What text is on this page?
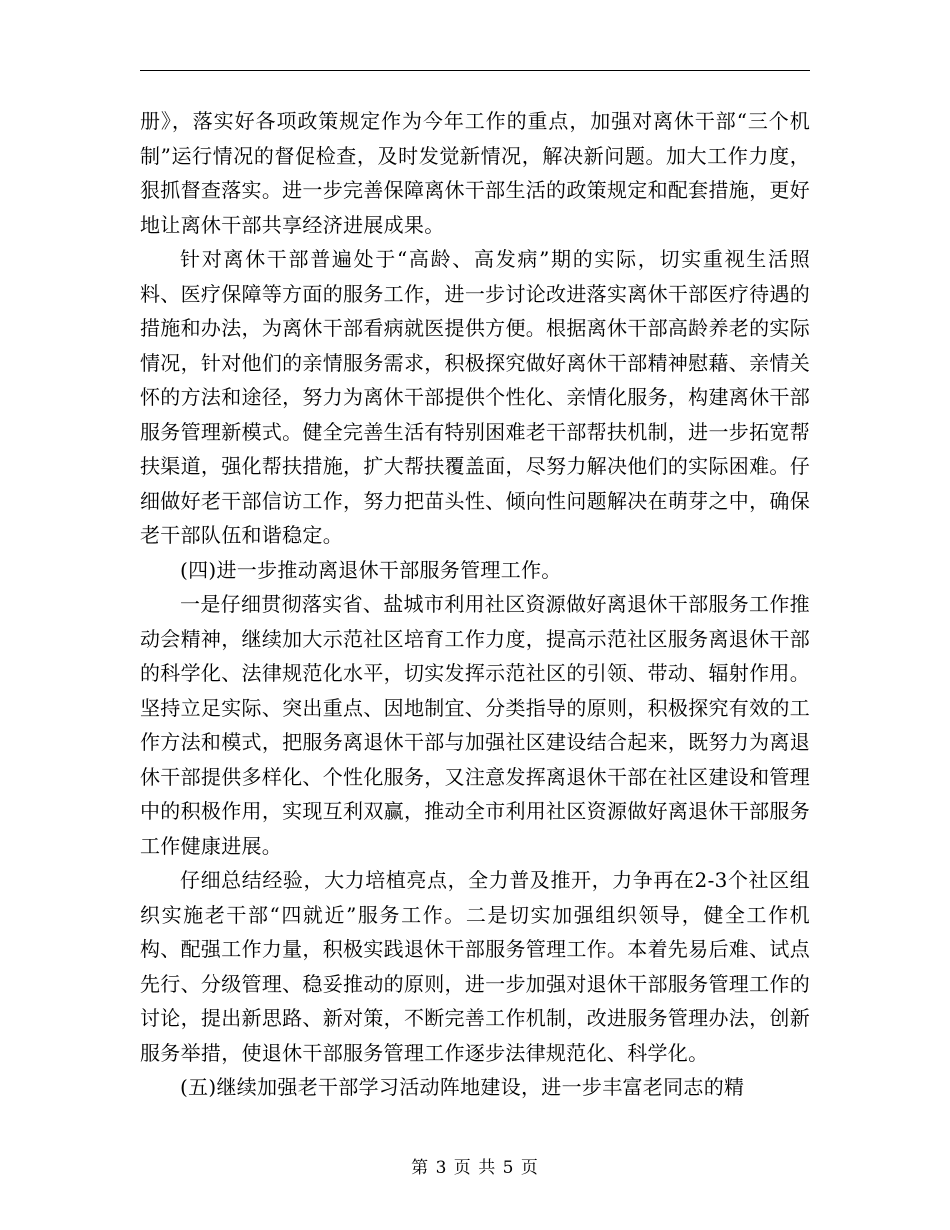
册》，落实好各项政策规定作为今年工作的重点，加强对离休干部“三个机制”运行情况的督促检查，及时发觉新情况，解决新问题。加大工作力度，狠抓督查落实。进一步完善保障离休干部生活的政策规定和配套措施，更好地让离休干部共享经济进展成果。

针对离休干部普遍处于“高龄、高发病”期的实际，切实重视生活照料、医疗保障等方面的服务工作，进一步讨论改进落实离休干部医疗待遇的措施和办法，为离休干部看病就医提供方便。根据离休干部高龄养老的实际情况，针对他们的亲情服务需求，积极探究做好离休干部精神慰藉、亲情关怀的方法和途径，努力为离休干部提供个性化、亲情化服务，构建离休干部服务管理新模式。健全完善生活有特别困难老干部帮扶机制，进一步拓宽帮扶渠道，强化帮扶措施，扩大帮扶覆盖面，尽努力解决他们的实际困难。仔细做好老干部信访工作，努力把苗头性、倾向性问题解决在萌芽之中，确保老干部队伍和谐稳定。

(四)进一步推动离退休干部服务管理工作。

一是仔细贯彻落实省、盐城市利用社区资源做好离退休干部服务工作推动会精神，继续加大示范社区培育工作力度，提高示范社区服务离退休干部的科学化、法律规范化水平，切实发挥示范社区的引领、带动、辐射作用。坚持立足实际、突出重点、因地制宜、分类指导的原则，积极探究有效的工作方法和模式，把服务离退休干部与加强社区建设结合起来，既努力为离退休干部提供多样化、个性化服务，又注意发挥离退休干部在社区建设和管理中的积极作用，实现互利双赢，推动全市利用社区资源做好离退休干部服务工作健康进展。

仔细总结经验，大力培植亮点，全力普及推开，力争再在2-3个社区组织实施老干部“四就近”服务工作。二是切实加强组织领导，健全工作机构、配强工作力量，积极实践退休干部服务管理工作。本着先易后难、试点先行、分级管理、稳妥推动的原则，进一步加强对退休干部服务管理工作的讨论，提出新思路、新对策，不断完善工作机制，改进服务管理办法，创新服务举措，使退休干部服务管理工作逐步法律规范化、科学化。

(五)继续加强老干部学习活动阵地建设，进一步丰富老同志的精

第 3 页 共 5 页
